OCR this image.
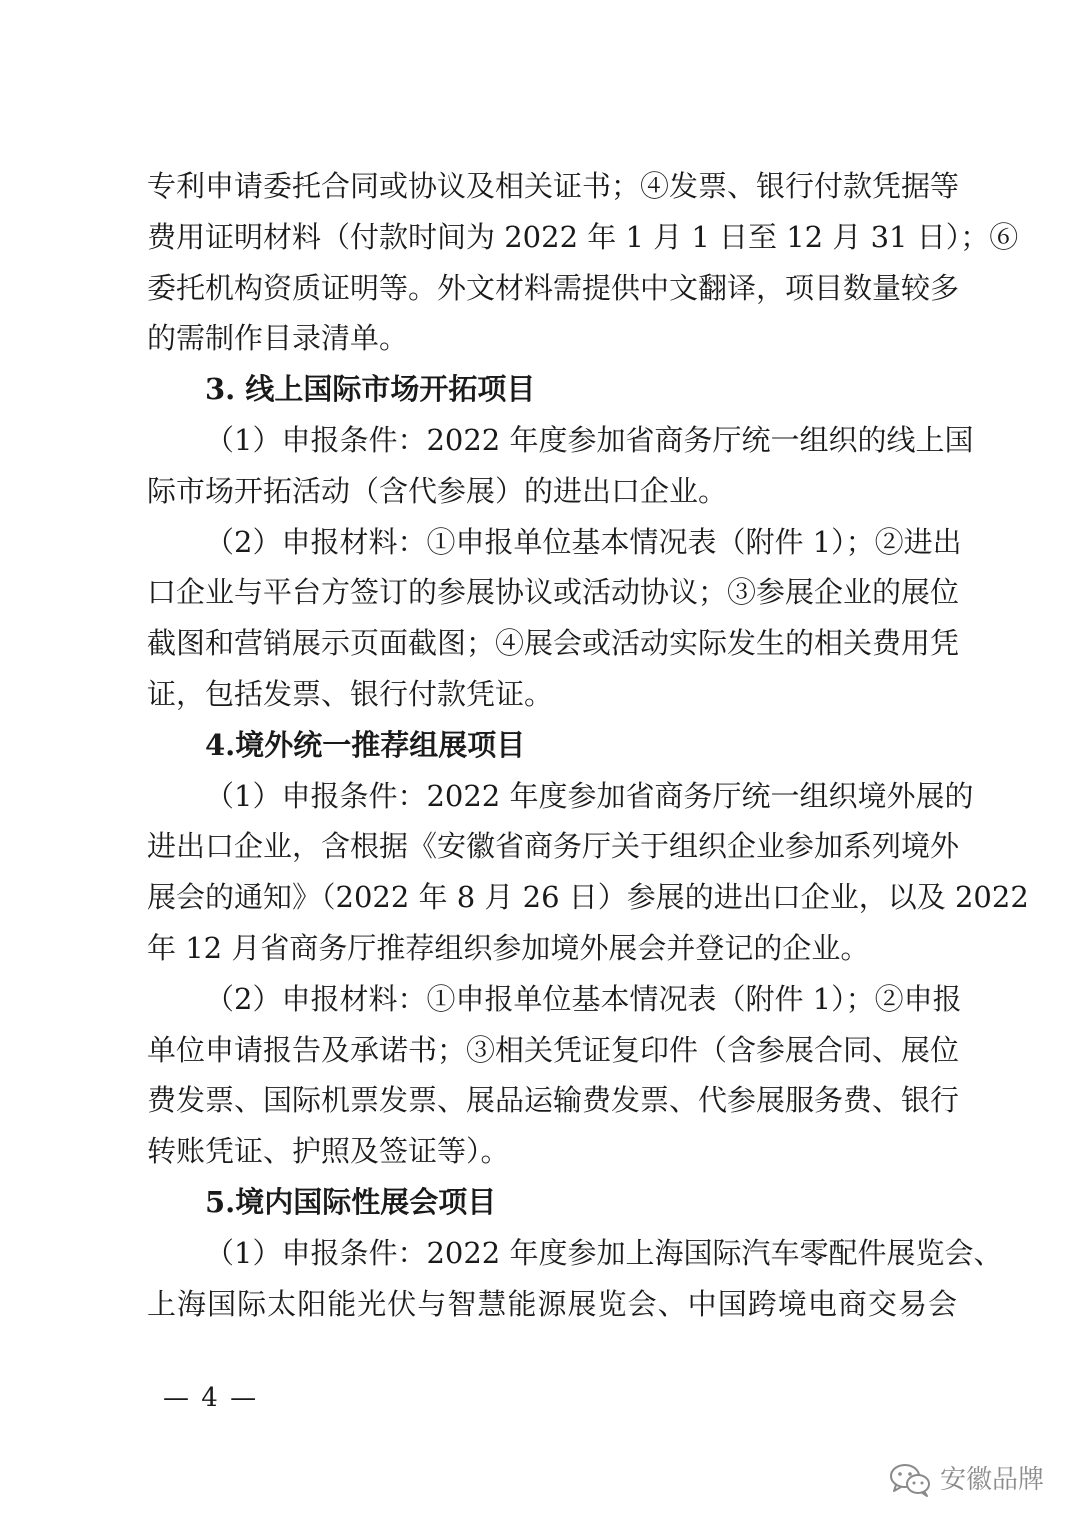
专利申请委托合同或协议及相关证书；④发票、银行付款凭据等
费用证明材料（付款时间为 2022 年 1 月 1 日至 12 月 31 日）；⑥
委托机构资质证明等。外文材料需提供中文翻译，项目数量较多
的需制作目录清单。
3. 线上国际市场开拓项目
（1）申报条件：2022 年度参加省商务厅统一组织的线上国
际市场开拓活动（含代参展）的进出口企业。
（2）申报材料：①申报单位基本情况表（附件 1）；②进出
口企业与平台方签订的参展协议或活动协议；③参展企业的展位
截图和营销展示页面截图；④展会或活动实际发生的相关费用凭
证，包括发票、银行付款凭证。
4.境外统一推荐组展项目
（1）申报条件：2022 年度参加省商务厅统一组织境外展的
进出口企业，含根据《安徽省商务厅关于组织企业参加系列境外
展会的通知》（2022 年 8 月 26 日）参展的进出口企业，以及 2022
年 12 月省商务厅推荐组织参加境外展会并登记的企业。
（2）申报材料：①申报单位基本情况表（附件 1）；②申报
单位申请报告及承诺书；③相关凭证复印件（含参展合同、展位
费发票、国际机票发票、展品运输费发票、代参展服务费、银行
转账凭证、护照及签证等）。
5.境内国际性展会项目
（1）申报条件：2022 年度参加上海国际汽车零配件展览会、
上海国际太阳能光伏与智慧能源展览会、中国跨境电商交易会
— 4 —
安徽品牌
